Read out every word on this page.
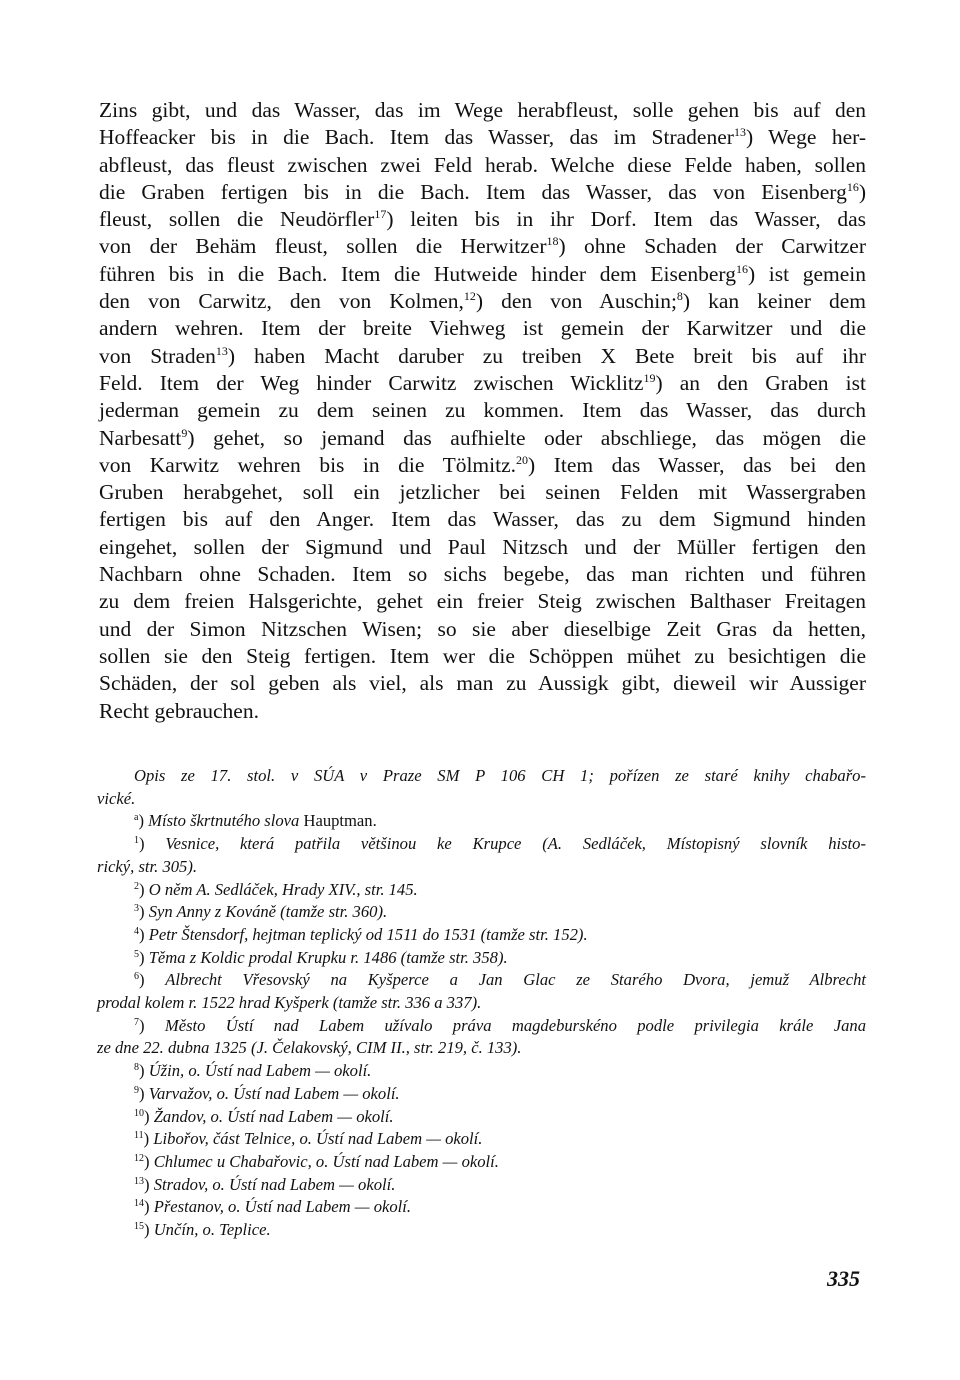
Zins gibt, und das Wasser, das im Wege herabfleust, solle gehen bis auf den
Hoffeacker bis in die Bach. Item das Wasser, das im Stradener$^{13}$) Wege her-
abfleust, das fleust zwischen zwei Feld herab. Welche diese Felde haben, sollen
die Graben fertigen bis in die Bach. Item das Wasser, das von Eisenberg$^{16}$)
fleust, sollen die Neudörfler$^{17}$) leiten bis in ihr Dorf. Item das Wasser, das
von der Behäm fleust, sollen die Herwitzer$^{18}$) ohne Schaden der Carwitzer
führen bis in die Bach. Item die Hutweide hinder dem Eisenberg$^{16}$) ist gemein
den von Carwitz, den von Kolmen,$^{12}$) den von Auschin;$^8$) kan keiner dem
andern wehren. Item der breite Viehweg ist gemein der Karwitzer und die
von Straden$^{13}$) haben Macht daruber zu treiben X Bete breit bis auf ihr
Feld. Item der Weg hinder Carwitz zwischen Wicklitz$^{19}$) an den Graben ist
jederman gemein zu dem seinen zu kommen. Item das Wasser, das durch
Narbesatt$^9$) gehet, so jemand das aufhielte oder abschliege, das mögen die
von Karwitz wehren bis in die Tölmitz.$^{20}$) Item das Wasser, das bei den
Gruben herabgehet, soll ein jetzlicher bei seinen Felden mit Wassergraben
fertigen bis auf den Anger. Item das Wasser, das zu dem Sigmund hinden
eingehet, sollen der Sigmund und Paul Nitzsch und der Müller fertigen den
Nachbarn ohne Schaden. Item so sichs begebe, das man richten und führen
zu dem freien Halsgerichte, gehet ein freier Steig zwischen Balthaser Freitagen
und der Simon Nitzschen Wisen; so sie aber dieselbige Zeit Gras da hetten,
sollen sie den Steig fertigen. Item wer die Schöppen mühet zu besichtigen die
Schäden, der sol geben als viel, als man zu Aussigk gibt, dieweil wir Aussiger
Recht gebrauchen.
Opis ze 17. stol. v SÚA v Praze SM P 106 CH 1; pořízen ze staré knihy chabařo-
vické.
$^a$) Místo škrtnutého slova Hauptman.
$^1$) Vesnice, která patřila většinou ke Krupce (A. Sedláček, Místopisný slovník histo-
rický, str. 305).
$^2$) O něm A. Sedláček, Hrady XIV., str. 145.
$^3$) Syn Anny z Kováně (tamže str. 360).
$^4$) Petr Štensdorf, hejtman teplický od 1511 do 1531 (tamže str. 152).
$^5$) Těma z Koldic prodal Krupku r. 1486 (tamže str. 358).
$^6$) Albrecht Vřesovský na Kyšperce a Jan Glac ze Starého Dvora, jemuž Albrecht
prodal kolem r. 1522 hrad Kyšperk (tamže str. 336 a 337).
$^7$) Město Ústí nad Labem užívalo práva magdeburskéno podle privilegia krále Jana
ze dne 22. dubna 1325 (J. Čelakovský, CIM II., str. 219, č. 133).
$^8$) Úžin, o. Ústí nad Labem — okolí.
$^9$) Varvažov, o. Ústí nad Labem — okolí.
$^{10}$) Žandov, o. Ústí nad Labem — okolí.
$^{11}$) Libořov, část Telnice, o. Ústí nad Labem — okolí.
$^{12}$) Chlumec u Chabařovic, o. Ústí nad Labem — okolí.
$^{13}$) Stradov, o. Ústí nad Labem — okolí.
$^{14}$) Přestanov, o. Ústí nad Labem — okolí.
$^{15}$) Unčín, o. Teplice.
335
